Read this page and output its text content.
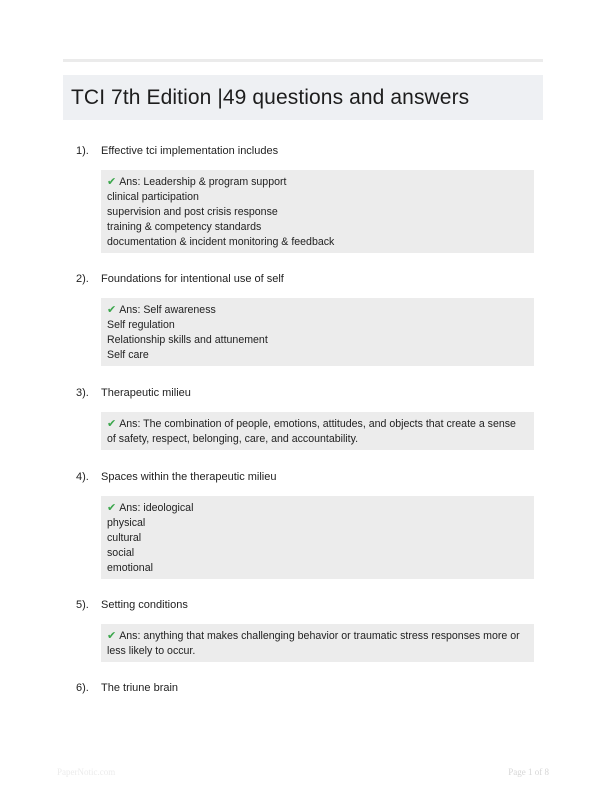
TCI 7th Edition |49 questions and answers
1).	Effective tci implementation includes
✔ Ans: Leadership & program support
clinical participation
supervision and post crisis response
training & competency standards
documentation & incident monitoring & feedback
2).	Foundations for intentional use of self
✔ Ans: Self awareness
Self regulation
Relationship skills and attunement
Self care
3).	Therapeutic milieu
✔ Ans: The combination of people, emotions, attitudes, and objects that create a sense
of safety, respect, belonging, care, and accountability.
4).	Spaces within the therapeutic milieu
✔ Ans: ideological
physical
cultural
social
emotional
5).	Setting conditions
✔ Ans: anything that makes challenging behavior or traumatic stress responses more or
less likely to occur.
6).	The triune brain
PaperNotic.com	Page 1 of 8
